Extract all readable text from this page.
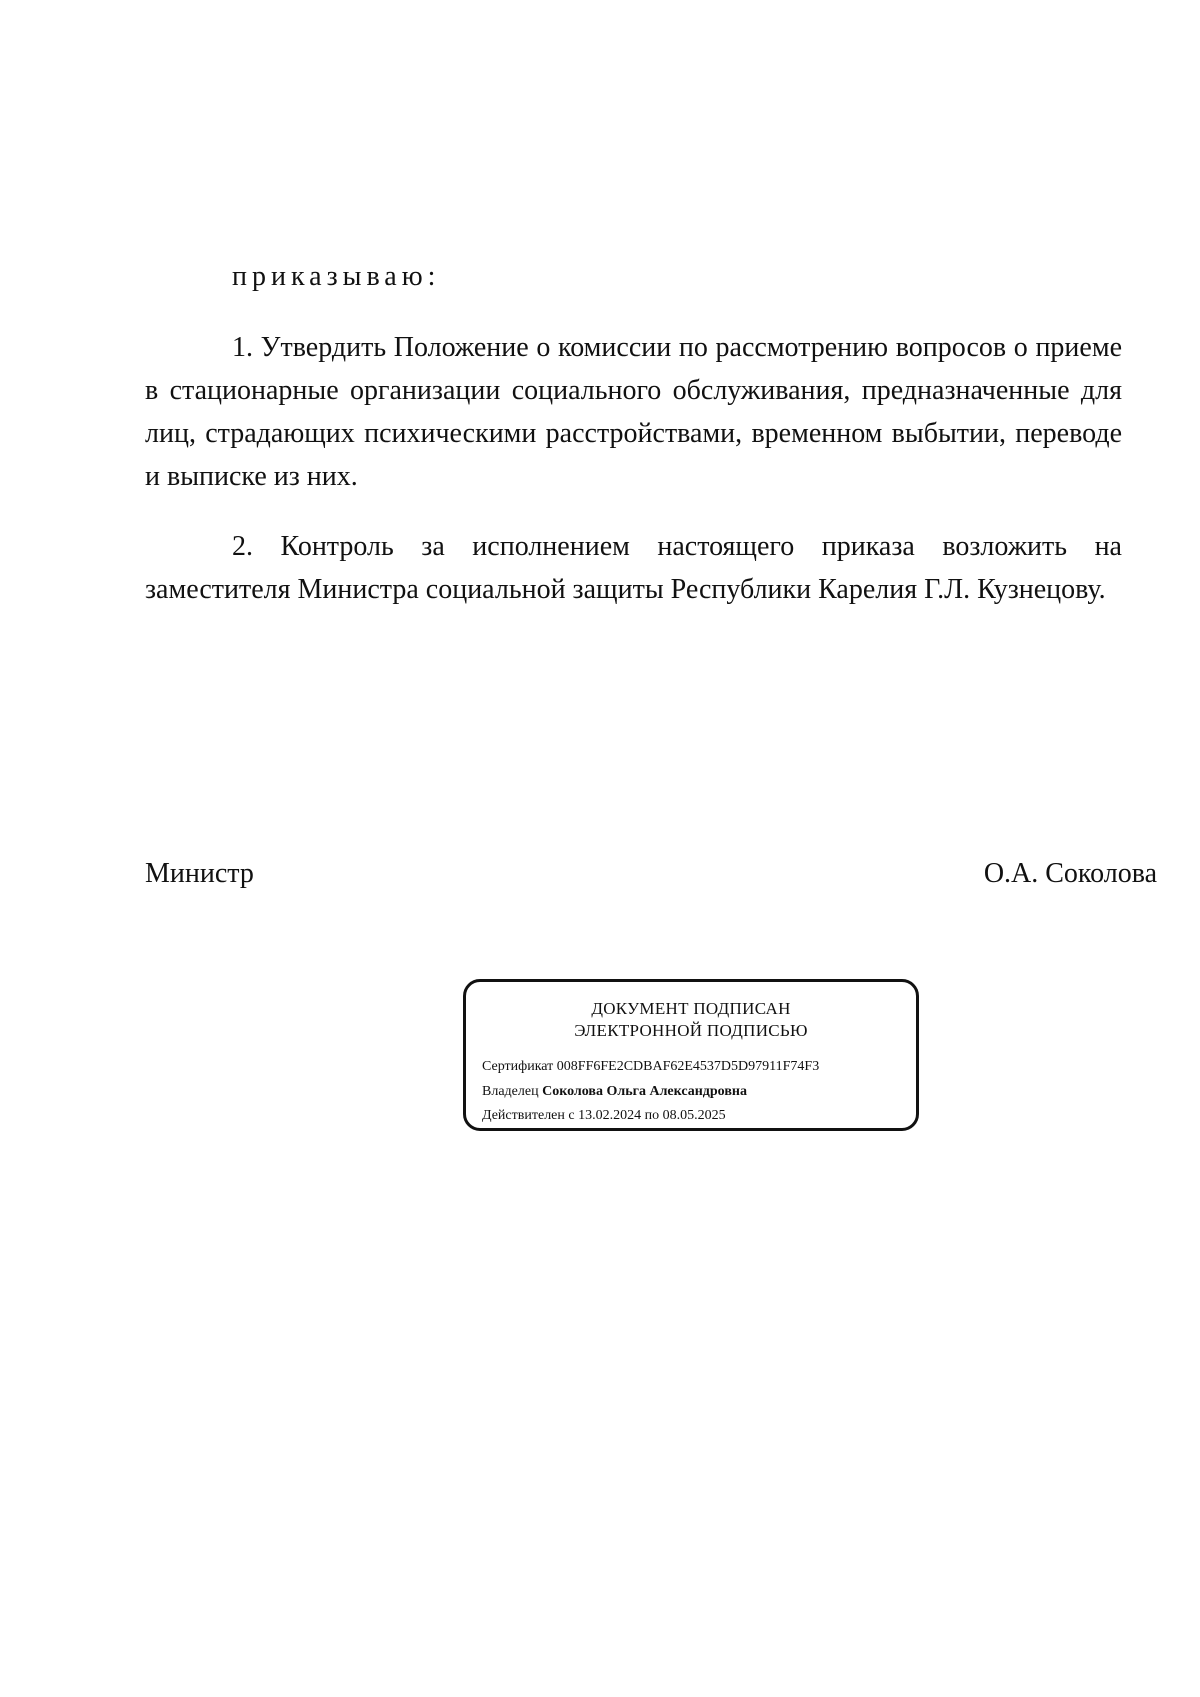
приказываю:

1. Утвердить Положение о комиссии по рассмотрению вопросов о приеме в стационарные организации социального обслуживания, предназначенные для лиц, страдающих психическими расстройствами, временном выбытии, переводе и выписке из них.

2. Контроль за исполнением настоящего приказа возложить на заместителя Министра социальной защиты Республики Карелия Г.Л. Кузнецову.

Министр	О.А. Соколова
ДОКУМЕНТ ПОДПИСАН
ЭЛЕКТРОННОЙ ПОДПИСЬЮ
Сертификат 008FF6FE2CDBAF62E4537D5D97911F74F3
Владелец Соколова Ольга Александровна
Действителен с 13.02.2024 по 08.05.2025
